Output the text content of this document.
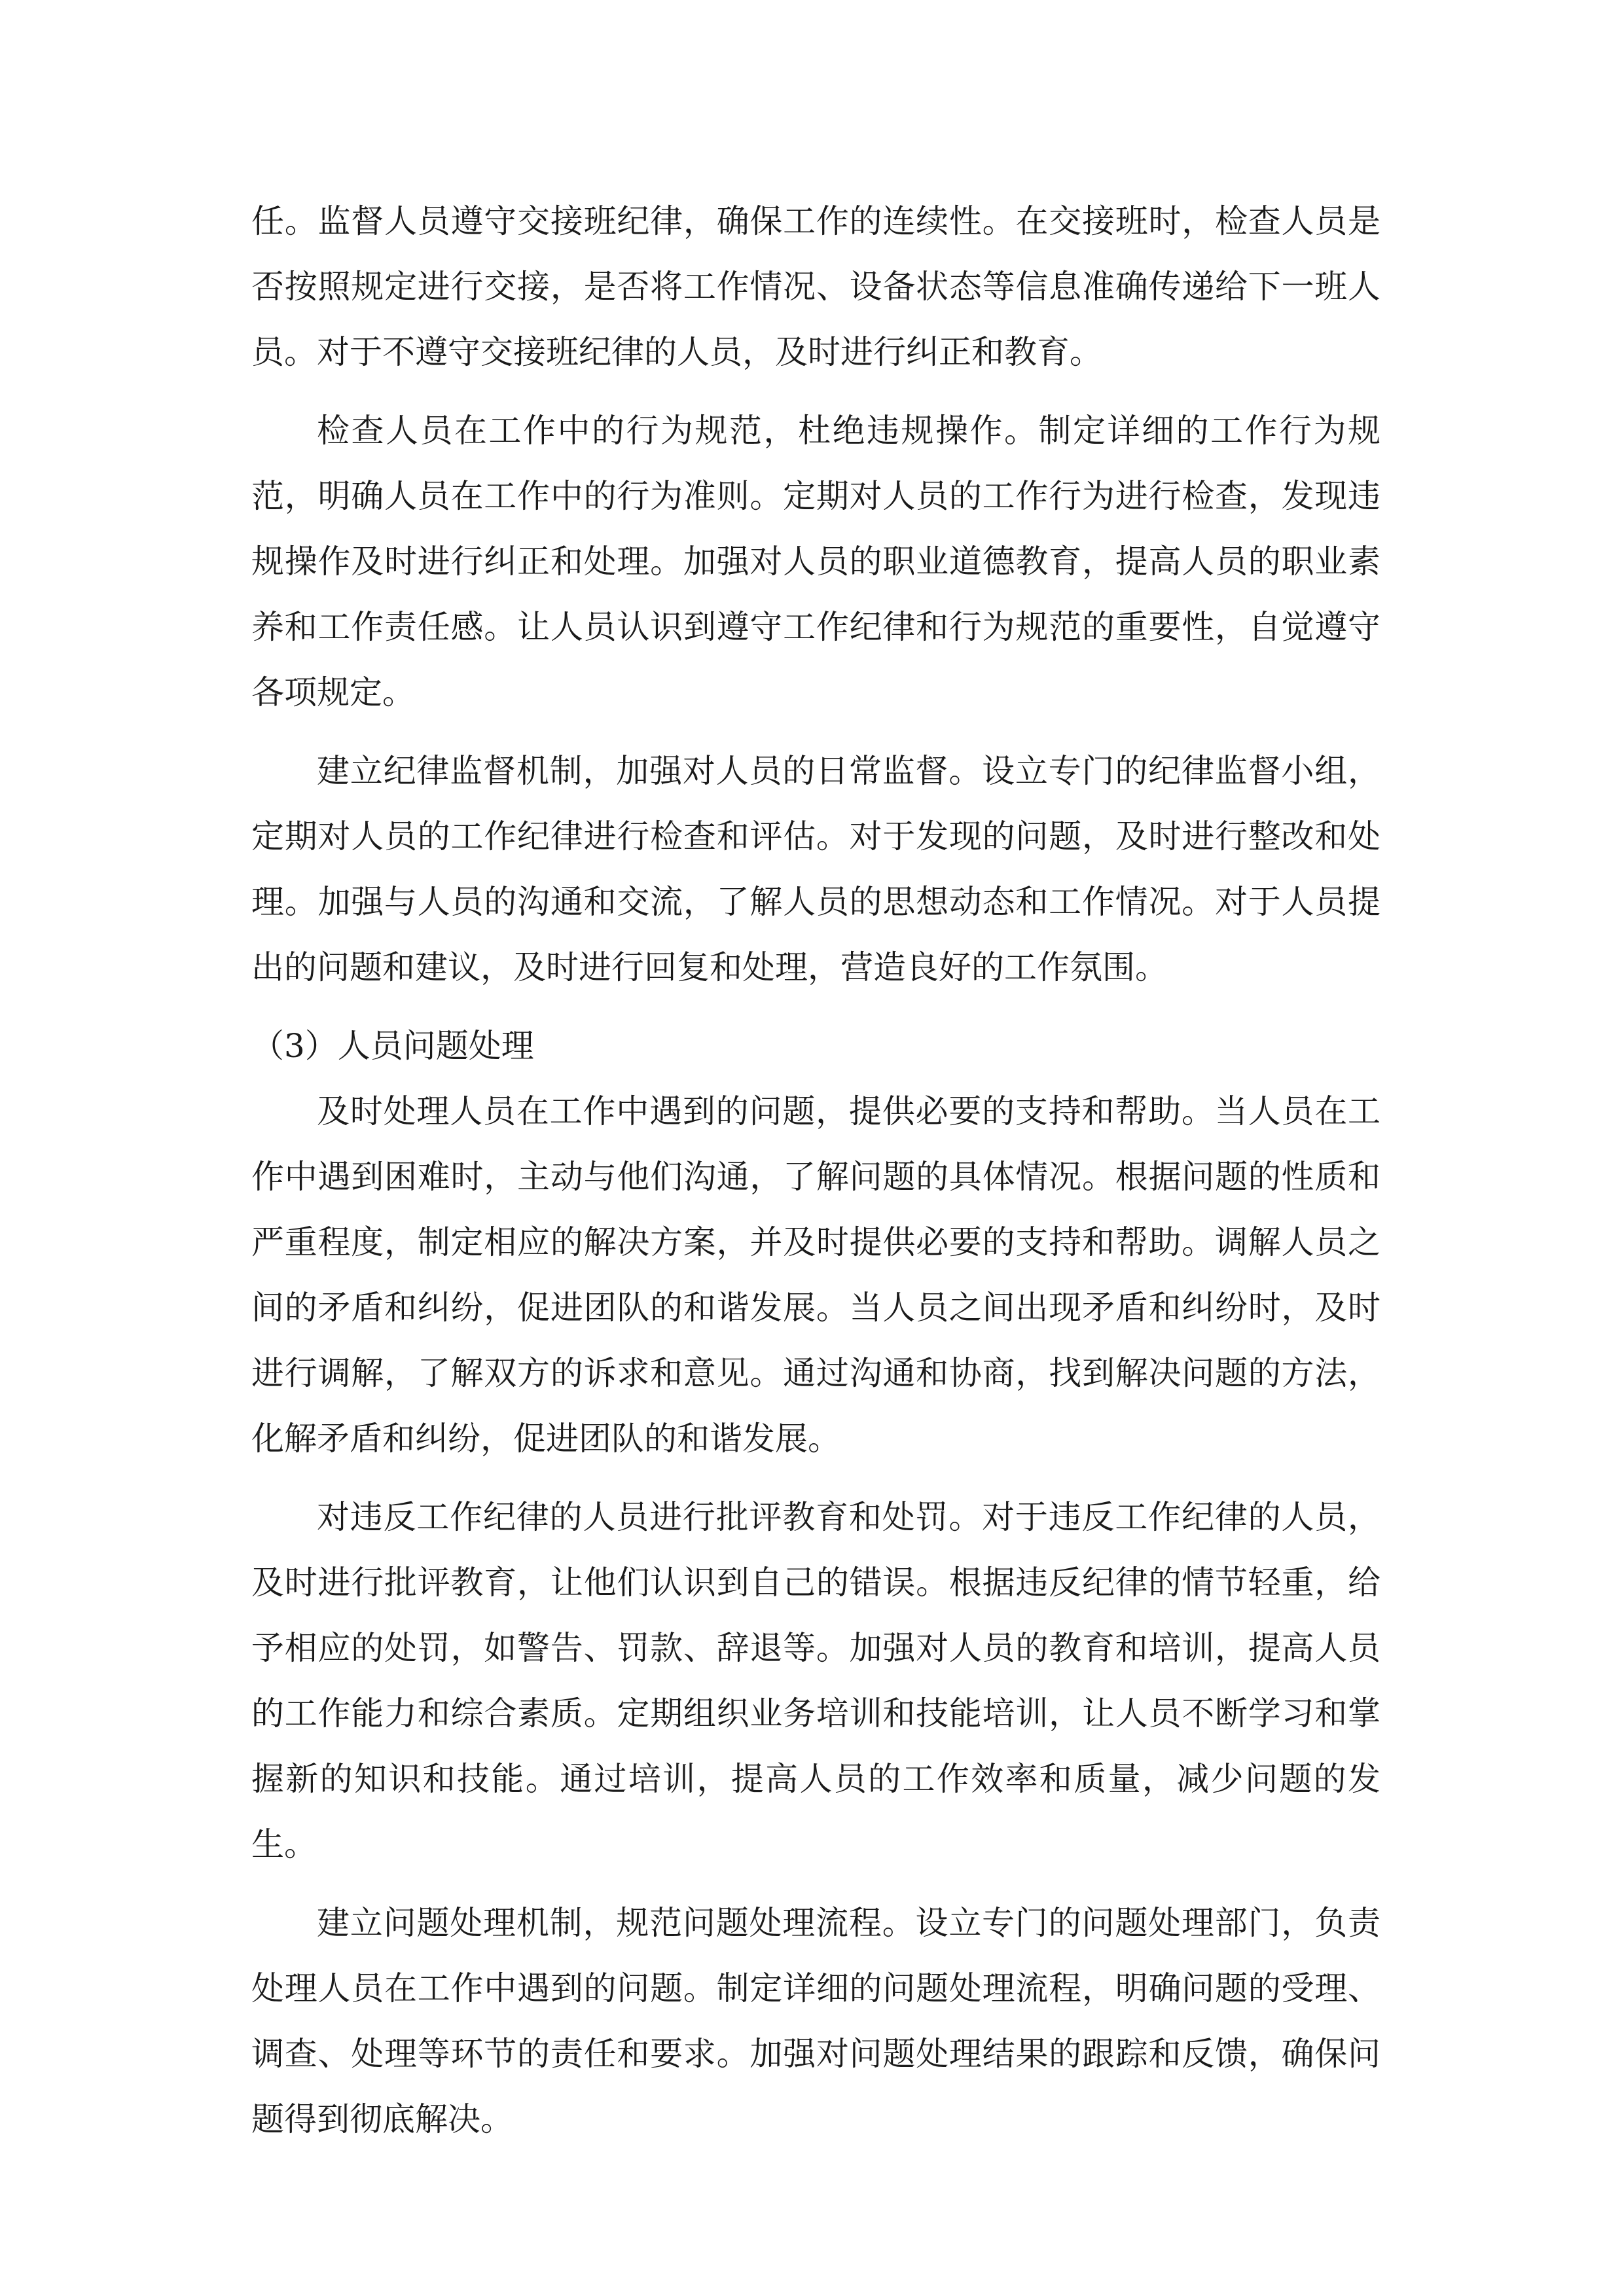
任。监督人员遵守交接班纪律，确保工作的连续性。在交接班时，检查人员是否按照规定进行交接，是否将工作情况、设备状态等信息准确传递给下一班人员。对于不遵守交接班纪律的人员，及时进行纠正和教育。

检查人员在工作中的行为规范，杜绝违规操作。制定详细的工作行为规范，明确人员在工作中的行为准则。定期对人员的工作行为进行检查，发现违规操作及时进行纠正和处理。加强对人员的职业道德教育，提高人员的职业素养和工作责任感。让人员认识到遵守工作纪律和行为规范的重要性，自觉遵守各项规定。

建立纪律监督机制，加强对人员的日常监督。设立专门的纪律监督小组，定期对人员的工作纪律进行检查和评估。对于发现的问题，及时进行整改和处理。加强与人员的沟通和交流，了解人员的思想动态和工作情况。对于人员提出的问题和建议，及时进行回复和处理，营造良好的工作氛围。

（3）人员问题处理

及时处理人员在工作中遇到的问题，提供必要的支持和帮助。当人员在工作中遇到困难时，主动与他们沟通，了解问题的具体情况。根据问题的性质和严重程度，制定相应的解决方案，并及时提供必要的支持和帮助。调解人员之间的矛盾和纠纷，促进团队的和谐发展。当人员之间出现矛盾和纠纷时，及时进行调解，了解双方的诉求和意见。通过沟通和协商，找到解决问题的方法，化解矛盾和纠纷，促进团队的和谐发展。

对违反工作纪律的人员进行批评教育和处罚。对于违反工作纪律的人员，及时进行批评教育，让他们认识到自己的错误。根据违反纪律的情节轻重，给予相应的处罚，如警告、罚款、辞退等。加强对人员的教育和培训，提高人员的工作能力和综合素质。定期组织业务培训和技能培训，让人员不断学习和掌握新的知识和技能。通过培训，提高人员的工作效率和质量，减少问题的发生。

建立问题处理机制，规范问题处理流程。设立专门的问题处理部门，负责处理人员在工作中遇到的问题。制定详细的问题处理流程，明确问题的受理、调查、处理等环节的责任和要求。加强对问题处理结果的跟踪和反馈，确保问题得到彻底解决。
